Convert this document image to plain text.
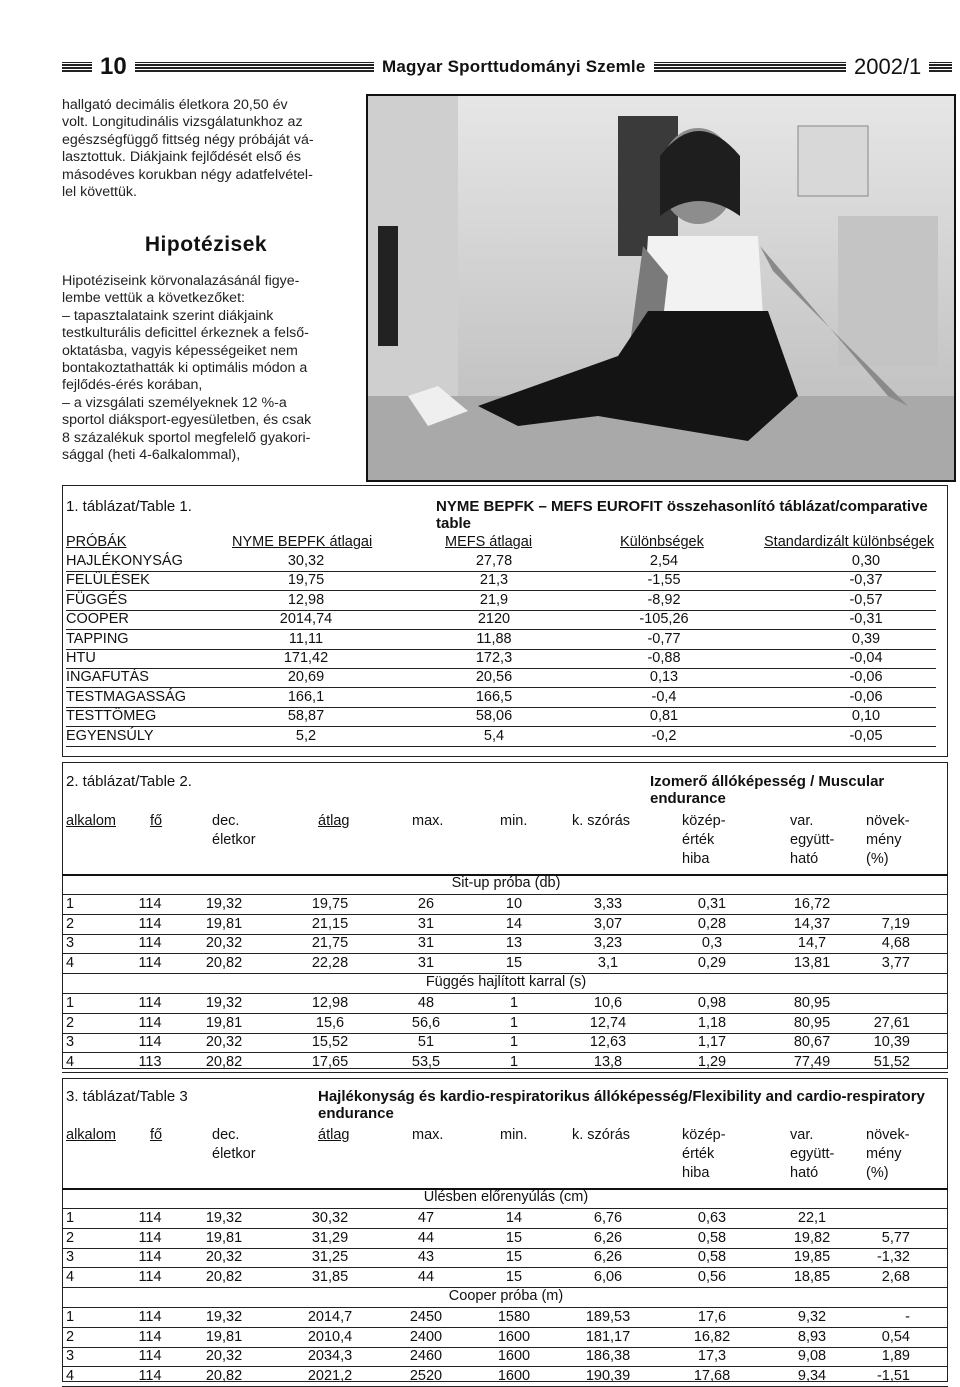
10	Magyar Sporttudományi Szemle	2002/1

hallgató decimális életkora 20,50 év

volt. Longitudinális vizsgálatunkhoz az

egészségfüggő fittség négy próbáját vá-

lasztottuk. Diákjaink fejlődését első és

másodéves korukban négy adatfelvétel-

lel követtük.

Hipotézisek

Hipotéziseink körvonalazásánál figye-

lembe vettük a következőket:

– tapasztalataink szerint diákjaink

testkulturális deficittel érkeznek a felső-

oktatásba, vagyis képességeiket nem

bontakoztathatták ki optimális módon a

fejlődés-érés korában,

– a vizsgálati személyeknek 12 %-a

sportol diáksport-egyesületben, és csak

8 százalékuk sportol megfelelő gyakori-

sággal (heti 4-6alkalommal),

1. táblázat/Table 1.	NYME BEPFK – MEFS EUROFIT összehasonlító táblázat/comparative table
PRÓBÁK	NYME BEPFK átlagai	MEFS átlagai	Különbségek	Standardizált különbségek
HAJLÉKONYSÁG	30,32	27,78	2,54	0,30
FELÜLÉSEK	19,75	21,3	-1,55	-0,37
FÜGGÉS	12,98	21,9	-8,92	-0,57
COOPER	2014,74	2120	-105,26	-0,31
TAPPING	11,11	11,88	-0,77	0,39
HTU	171,42	172,3	-0,88	-0,04
INGAFUTÁS	20,69	20,56	0,13	-0,06
TESTMAGASSÁG	166,1	166,5	-0,4	-0,06
TESTTÖMEG	58,87	58,06	0,81	0,10
EGYENSÚLY	5,2	5,4	-0,2	-0,05
2. táblázat/Table 2.	Izomerő állóképesség / Muscular endurance
alkalom fő	dec.
életkor
átlag	max.	min.	k. szórás	közép-
érték
hiba
var.
együtt-
ható
növek-
mény
(%)
Sit-up próba (db)
1	114	19,32	19,75	26	10	3,33	0,31	16,72
2	114	19,81	21,15	31	14	3,07	0,28	14,37	7,19
3	114	20,32	21,75	31	13	3,23	0,3	14,7	4,68
4	114	20,82	22,28	31	15	3,1	0,29	13,81	3,77
Függés hajlított karral (s)
1	114	19,32	12,98	48	1	10,6	0,98	80,95
2	114	19,81	15,6	56,6	1	12,74	1,18	80,95	27,61
3	114	20,32	15,52	51	1	12,63	1,17	80,67	10,39
4	113	20,82	17,65	53,5	1	13,8	1,29	77,49	51,52
3. táblázat/Table 3	Hajlékonyság és kardio-respiratorikus állóképesség/Flexibility and cardio-respiratory endurance
alkalom fő	dec.
életkor
átlag	max.	min.	k. szórás	közép-
érték
hiba
var.
együtt-
ható
növek-
mény
(%)
Ülésben előrenyúlás (cm)
1	114	19,32	30,32	47	14	6,76	0,63	22,1
2	114	19,81	31,29	44	15	6,26	0,58	19,82	5,77
3	114	20,32	31,25	43	15	6,26	0,58	19,85	-1,32
4	114	20,82	31,85	44	15	6,06	0,56	18,85	2,68
Cooper próba (m)
1	114	19,32	2014,7	2450	1580	189,53	17,6	9,32	-
2	114	19,81	2010,4	2400	1600	181,17	16,82	8,93	0,54
3	114	20,32	2034,3	2460	1600	186,38	17,3	9,08	1,89
4	114	20,82	2021,2	2520	1600	190,39	17,68	9,34	-1,51
